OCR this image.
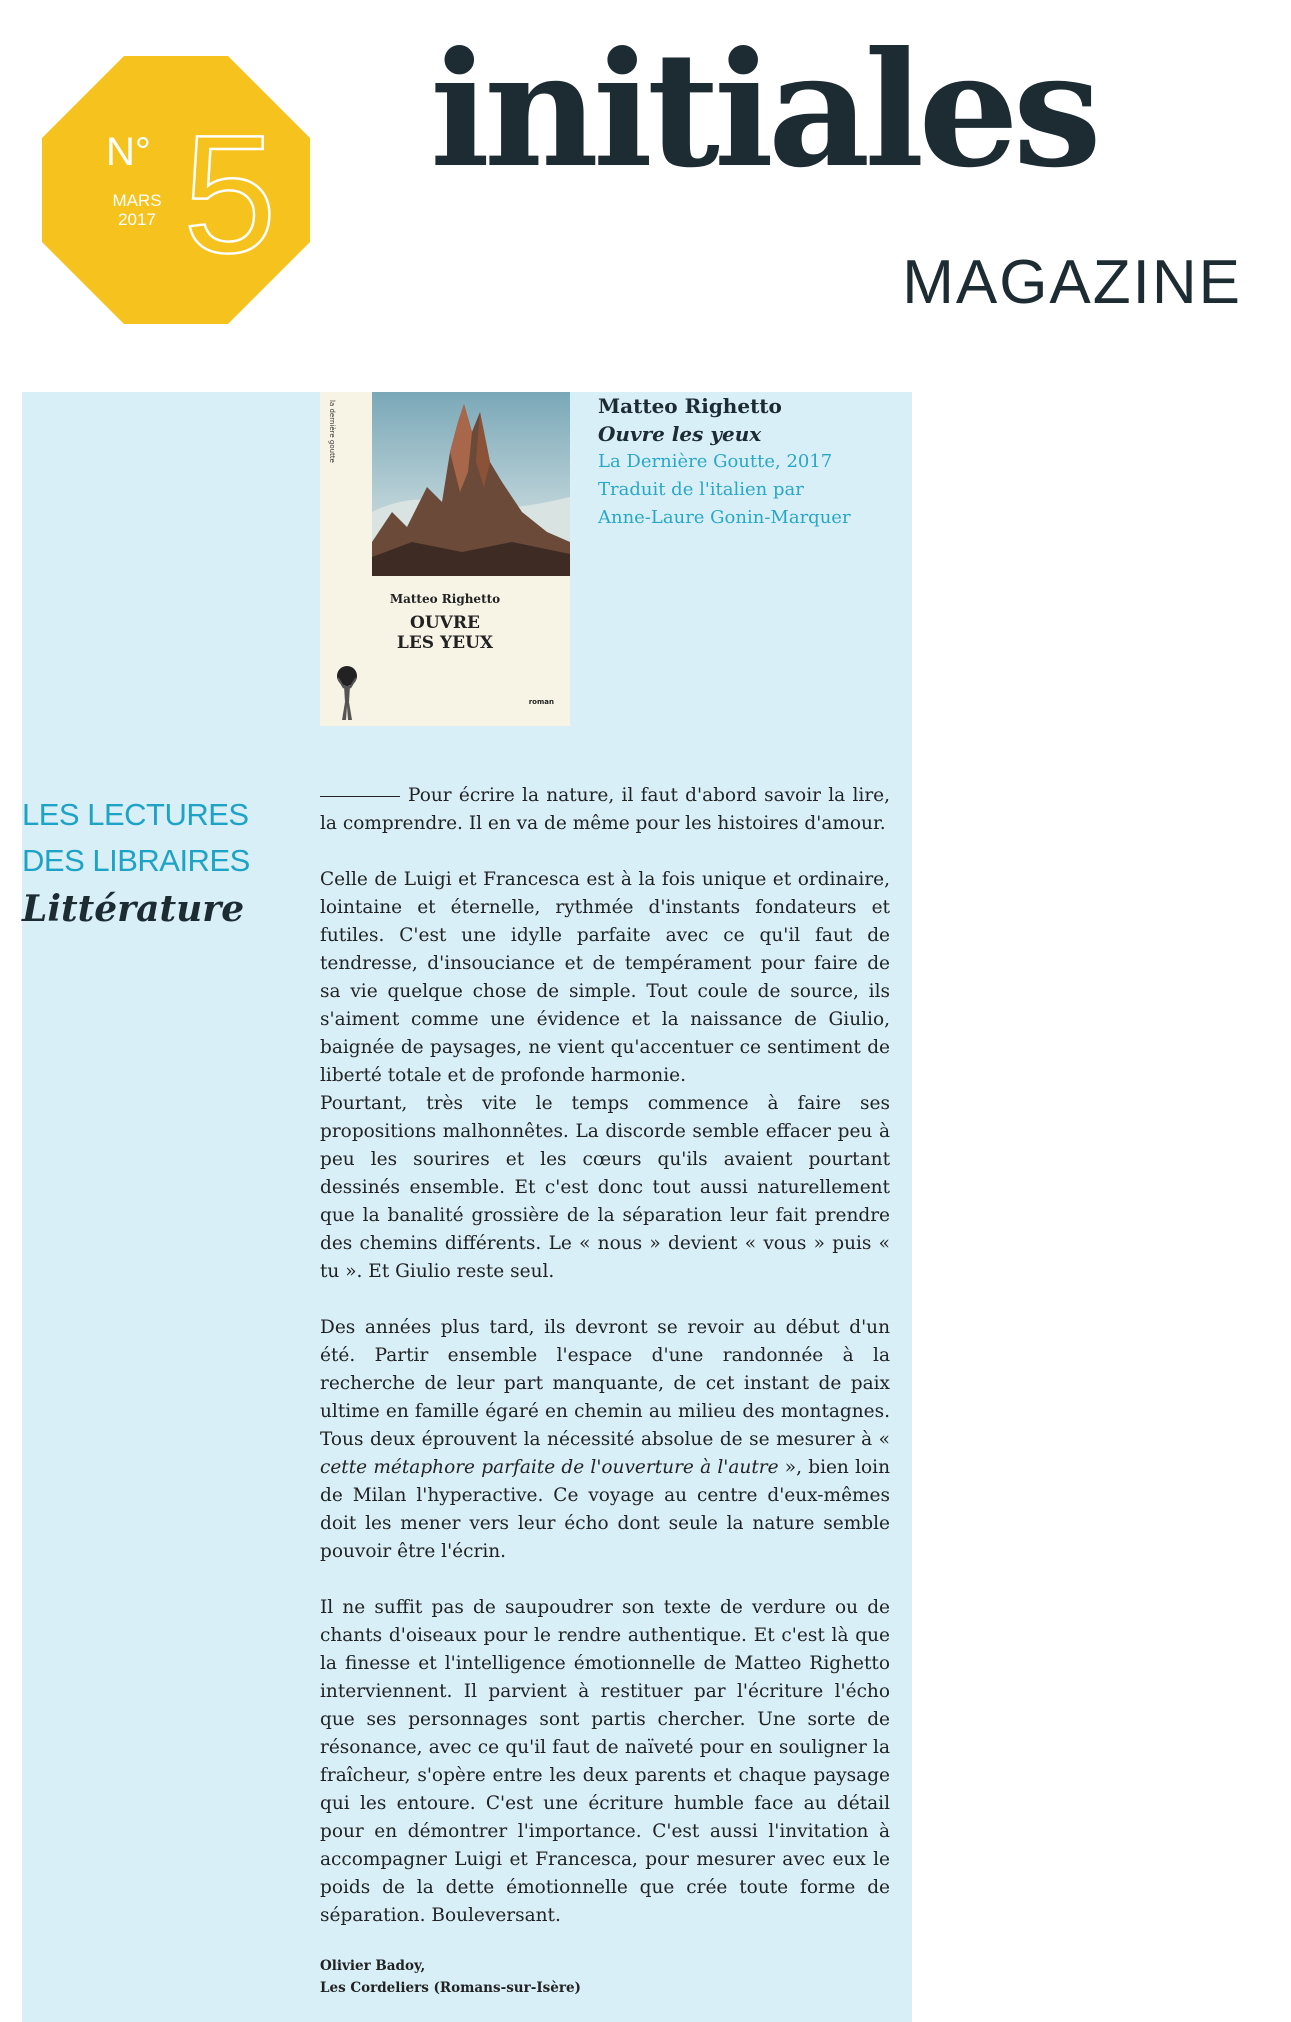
N°
MARS
2017 5 initiales
MAGAZINE
la dernière goutte
Matteo Righetto
OUVRE
LES YEUX
roman
Matteo Righetto
Ouvre les yeux
La Dernière Goutte, 2017
Traduit de l'italien par
Anne-Laure Gonin-Marquer
LES LECTURES
DES LIBRAIRES
Littérature

Pour écrire la nature, il faut d'abord savoir la lire, la comprendre. Il en va de même pour les histoires d'amour.

Celle de Luigi et Francesca est à la fois unique et ordinaire, lointaine et éternelle, rythmée d'instants fondateurs et futiles. C'est une idylle parfaite avec ce qu'il faut de tendresse, d'insouciance et de tempérament pour faire de sa vie quelque chose de simple. Tout coule de source, ils s'aiment comme une évidence et la naissance de Giulio, baignée de paysages, ne vient qu'accentuer ce sentiment de liberté totale et de profonde harmonie.

Pourtant, très vite le temps commence à faire ses propositions malhonnêtes. La discorde semble effacer peu à peu les sourires et les cœurs qu'ils avaient pourtant dessinés ensemble. Et c'est donc tout aussi naturellement que la banalité grossière de la séparation leur fait prendre des chemins différents. Le « nous » devient « vous » puis « tu ». Et Giulio reste seul.

Des années plus tard, ils devront se revoir au début d'un été. Partir ensemble l'espace d'une randonnée à la recherche de leur part manquante, de cet instant de paix ultime en famille égaré en chemin au milieu des montagnes. Tous deux éprouvent la nécessité absolue de se mesurer à « cette métaphore parfaite de l'ouverture à l'autre », bien loin de Milan l'hyperactive. Ce voyage au centre d'eux-mêmes doit les mener vers leur écho dont seule la nature semble pouvoir être l'écrin.

Il ne suffit pas de saupoudrer son texte de verdure ou de chants d'oiseaux pour le rendre authentique. Et c'est là que la finesse et l'intelligence émotionnelle de Matteo Righetto interviennent. Il parvient à restituer par l'écriture l'écho que ses personnages sont partis chercher. Une sorte de résonance, avec ce qu'il faut de naïveté pour en souligner la fraîcheur, s'opère entre les deux parents et chaque paysage qui les entoure. C'est une écriture humble face au détail pour en démontrer l'importance. C'est aussi l'invitation à accompagner Luigi et Francesca, pour mesurer avec eux le poids de la dette émotionnelle que crée toute forme de séparation. Bouleversant.

Olivier Badoy,
Les Cordeliers (Romans-sur-Isère)
